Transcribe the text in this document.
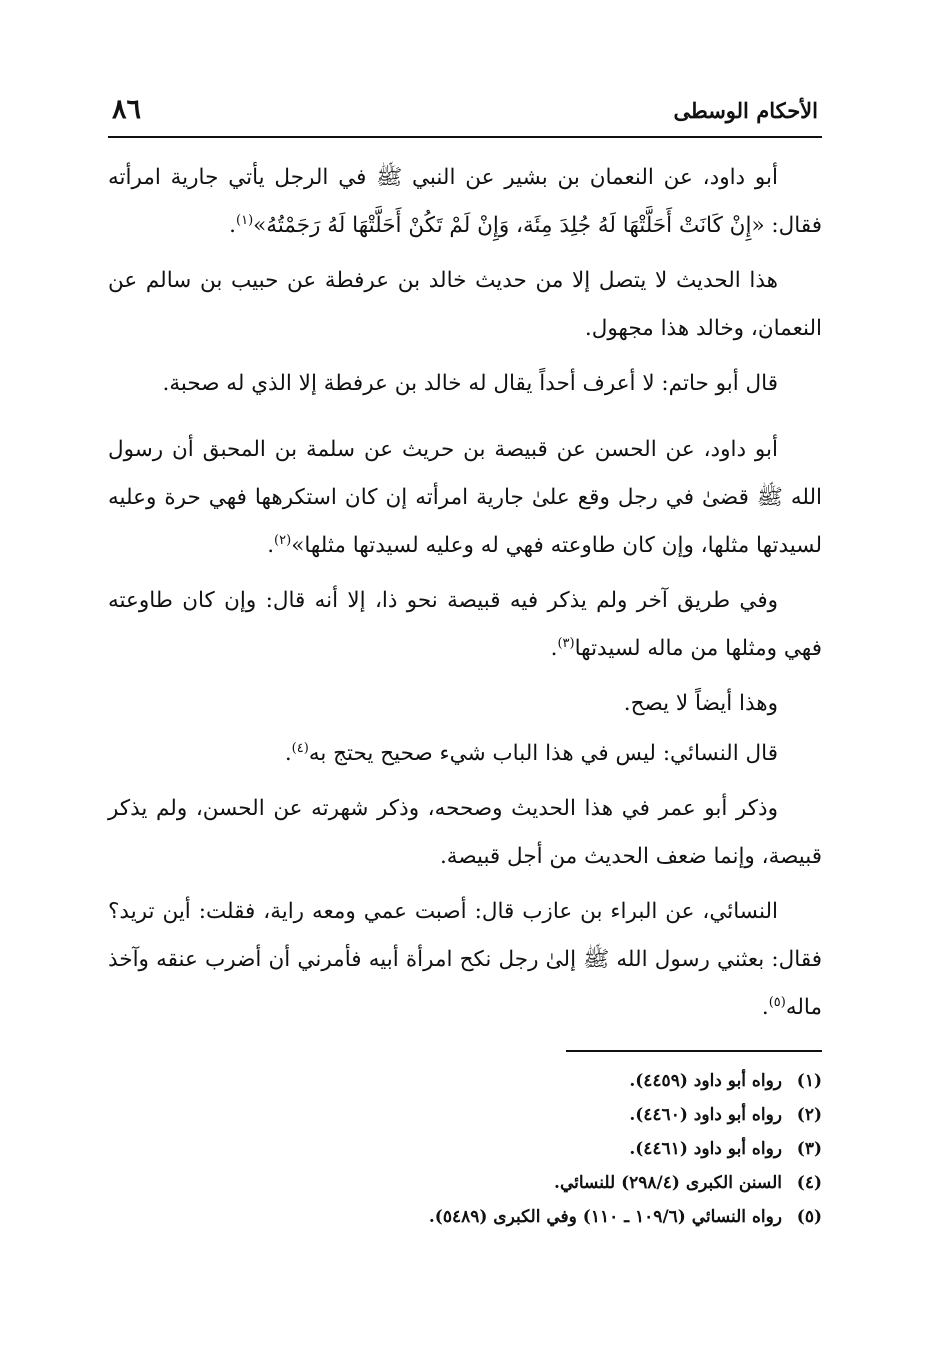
الأحكام الوسطى
٨٦

أبو داود، عن النعمان بن بشير عن النبي ﷺ في الرجل يأتي جارية امرأته فقال: «إِنْ كَانَتْ أَحَلَّتْهَا لَهُ جُلِدَ مِئَة، وَإِنْ لَمْ تَكُنْ أَحَلَّتْهَا لَهُ رَجَمْتُهُ»$^{(١)}$.

هذا الحديث لا يتصل إلا من حديث خالد بن عرفطة عن حبيب بن سالم عن النعمان، وخالد هذا مجهول.

قال أبو حاتم: لا أعرف أحداً يقال له خالد بن عرفطة إلا الذي له صحبة.

أبو داود، عن الحسن عن قبيصة بن حريث عن سلمة بن المحبق أن رسول الله ﷺ قضىٰ في رجل وقع علىٰ جارية امرأته إن كان استكرهها فهي حرة وعليه لسيدتها مثلها، وإن كان طاوعته فهي له وعليه لسيدتها مثلها»$^{(٢)}$.

وفي طريق آخر ولم يذكر فيه قبيصة نحو ذا، إلا أنه قال: وإن كان طاوعته فهي ومثلها من ماله لسيدتها$^{(٣)}$.

وهذا أيضاً لا يصح.

قال النسائي: ليس في هذا الباب شيء صحيح يحتج به$^{(٤)}$.

وذكر أبو عمر في هذا الحديث وصححه، وذكر شهرته عن الحسن، ولم يذكر قبيصة، وإنما ضعف الحديث من أجل قبيصة.

النسائي، عن البراء بن عازب قال: أصبت عمي ومعه راية، فقلت: أين تريد؟ فقال: بعثني رسول الله ﷺ إلىٰ رجل نكح امرأة أبيه فأمرني أن أضرب عنقه وآخذ ماله$^{(٥)}$.

(١)
رواه أبو داود (٤٤٥٩).
(٢)
رواه أبو داود (٤٤٦٠).
(٣)
رواه أبو داود (٤٤٦١).
(٤)
السنن الكبرى (٢٩٨/٤) للنسائي.
(٥)
رواه النسائي (١٠٩/٦ ـ ١١٠) وفي الكبرى (٥٤٨٩).
